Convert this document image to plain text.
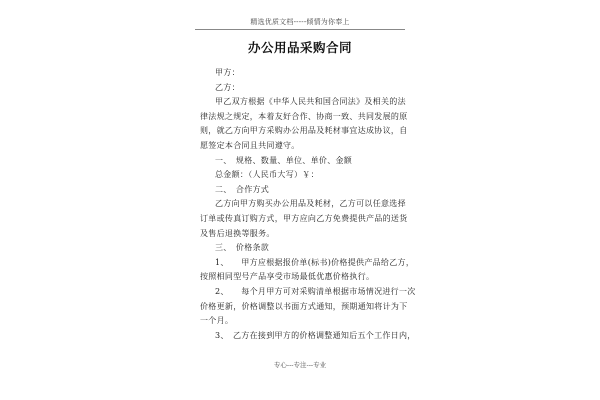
精选优质文档-----倾情为你奉上
办公用品采购合同
甲方：
乙方：
甲乙双方根据《中华人民共和国合同法》及相关的法
律法规之规定，本着友好合作、协商一致、共同发展的原
则，就乙方向甲方采购办公用品及耗材事宜达成协议，自
愿签定本合同且共同遵守。
一、　规格、数量、单位、单价、金额
总金额：（人民币大写）￥：
二、　合作方式
乙方向甲方购买办公用品及耗材，乙方可以任意选择
订单或传真订购方式，甲方应向乙方免费提供产品的送货
及售后退换等服务。
三、　价格条款
1、　　甲方应根据报价单(标书)价格提供产品给乙方，
按照相同型号产品享受市场最低优惠价格执行。
2、　　每个月甲方可对采购清单根据市场情况进行一次
价格更新，价格调整以书面方式通知，预期通知将计为下
一个月。
3、　乙方在接到甲方的价格调整通知后五个工作日内，
专心---专注---专业
